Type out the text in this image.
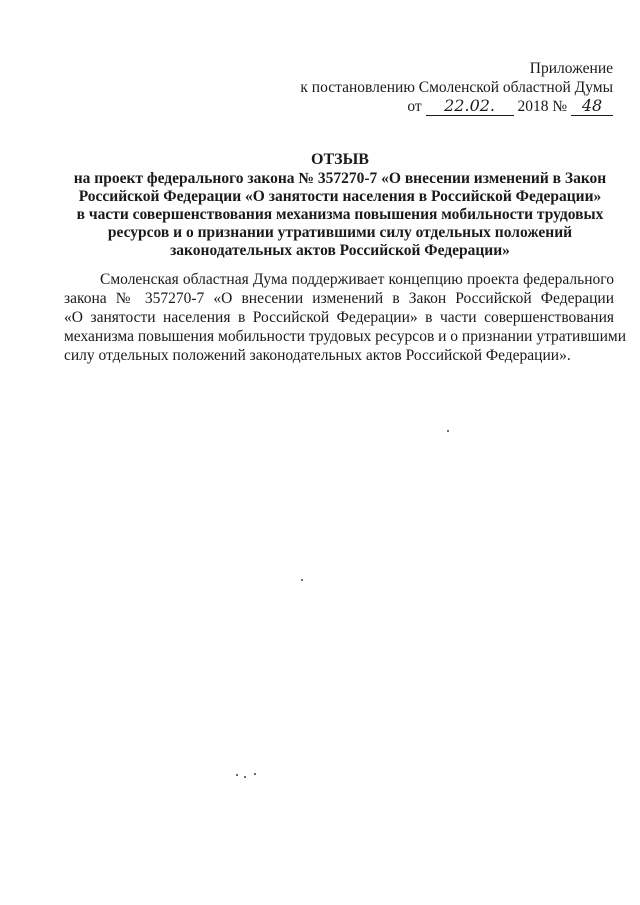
Приложение
к постановлению Смоленской областной Думы
от 22.02. 2018 № 48
ОТЗЫВ
на проект федерального закона № 357270-7 «О внесении изменений в Закон
Российской Федерации «О занятости населения в Российской Федерации»
в части совершенствования механизма повышения мобильности трудовых
ресурсов и о признании утратившими силу отдельных положений
законодательных актов Российской Федерации»
Смоленская областная Дума поддерживает концепцию проекта федерального
закона № 357270-7 «О внесении изменений в Закон Российской Федерации
«О занятости населения в Российской Федерации» в части совершенствования
механизма повышения мобильности трудовых ресурсов и о признании утратившими
силу отдельных положений законодательных актов Российской Федерации».
